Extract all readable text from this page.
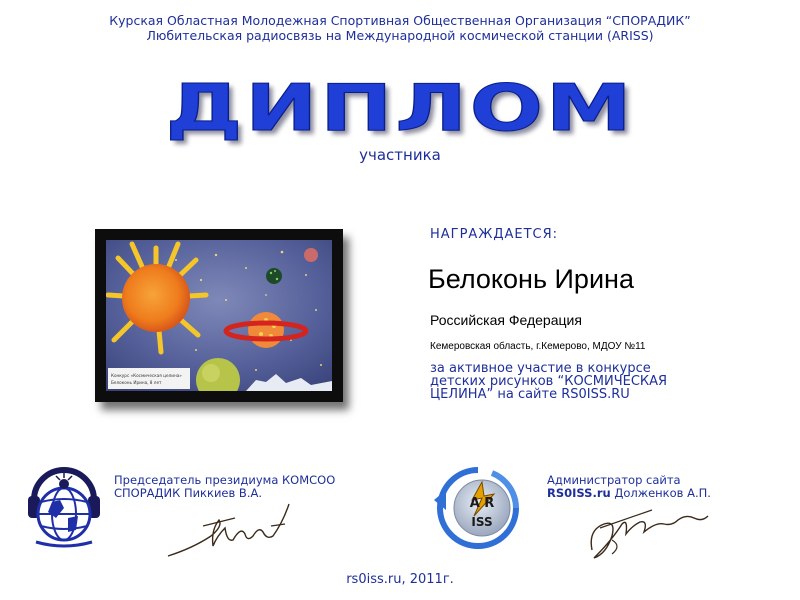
Курская Областная Молодежная Спортивная Общественная Организация “СПОРАДИК”
Любительская радиосвязь на Международной космической станции (ARISS)
ДИПЛОМ
участника
Конкурс «Космическая целина»
Белоконь Ирина, 8 лет
НАГРАЖДАЕТСЯ:
Белоконь Ирина
Российская Федерация
Кемеровская область, г.Кемерово, МДОУ №11
за активное участие в конкурсе
детских рисунков “КОСМИЧЕСКАЯ
ЦЕЛИНА” на сайте RS0ISS.RU
Председатель президиума КОМСОО
СПОРАДИК Пиккиев В.А.
A R
ISS
Администратор сайта
RS0ISS.ru Долженков А.П.
rs0iss.ru, 2011г.
